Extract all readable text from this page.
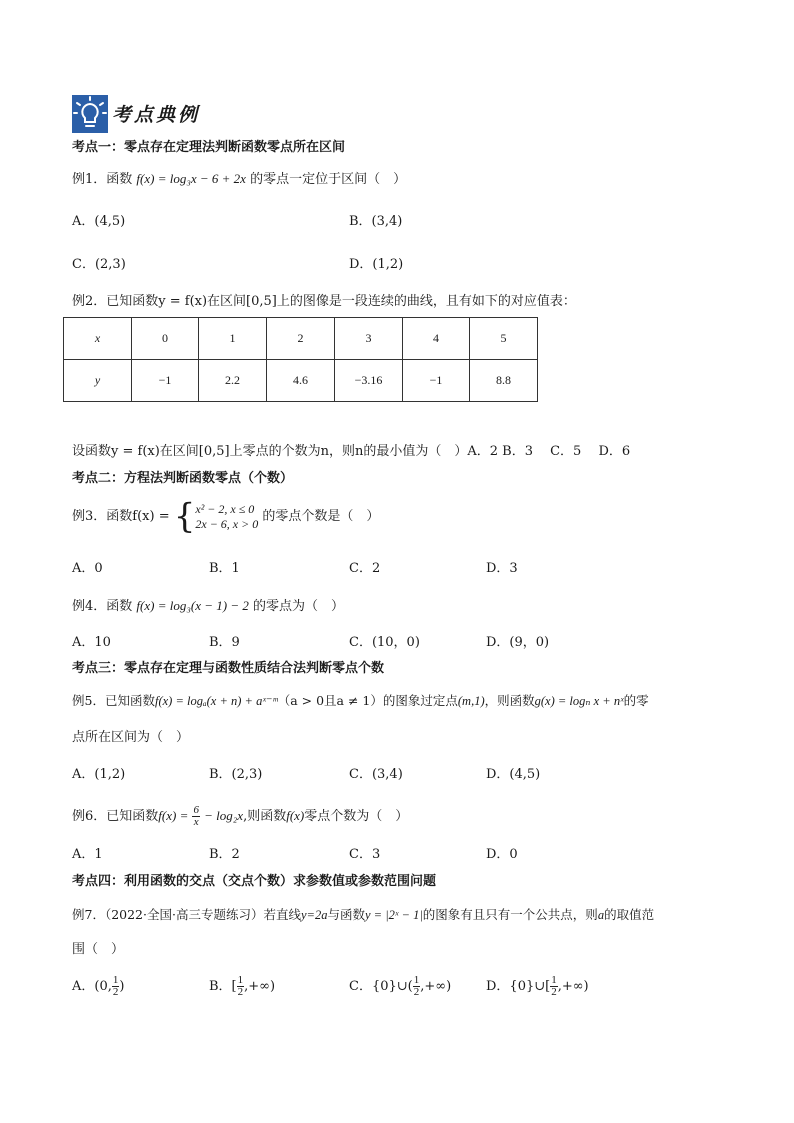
考点典例
考点一：零点存在定理法判断函数零点所在区间
例1．函数 f(x) = log₃x − 6 + 2x 的零点一定位于区间（　）
A．(4,5)	B．(3,4)
C．(2,3)	D．(1,2)
例2．已知函数y = f(x)在区间[0,5]上的图像是一段连续的曲线，且有如下的对应值表：
x	0	1	2	3	4	5
y	−1	2.2	4.6	−3.16	−1	8.8
设函数y = f(x)在区间[0,5]上零点的个数为n，则n的最小值为（　）A．2 B．3　 C．5　 D．6
考点二：方程法判断函数零点（个数）
例3．函数f(x) = { x² − 2, x ≤ 0
2x − 6, x > 0 的零点个数是（　）
A．0	B．1	C．2	D．3
例4．函数 f(x) = log₃(x − 1) − 2 的零点为（　）
A．10	B．9	C．(10，0)	D．(9，0)
考点三：零点存在定理与函数性质结合法判断零点个数
例5．已知函数f(x) = logₐ(x + n) + aˣ⁻ᵐ（a > 0且a ≠ 1）的图象过定点(m,1)，则函数g(x) = logₙ x + nˣ的零
点所在区间为（　）
A．(1,2)	B．(2,3)	C．(3,4)	D．(4,5)
例6．已知函数$f(x) = \frac{6}{x} - \log_2x$,则函数f(x)零点个数为（　）
A．1	B．2	C．3	D．0
考点四：利用函数的交点（交点个数）求参数值或参数范围问题
例7．（2022·全国·高三专题练习）若直线y=2a与函数y = |2ˣ − 1|的图象有且只有一个公共点，则a的取值范
围（　）
A．(0, $\frac{1}{2}$ )	B．[ $\frac{1}{2}$ ,+∞)	C．{0}∪( $\frac{1}{2}$ ,+∞)	D．{0}∪[ $\frac{1}{2}$ ,+∞)
